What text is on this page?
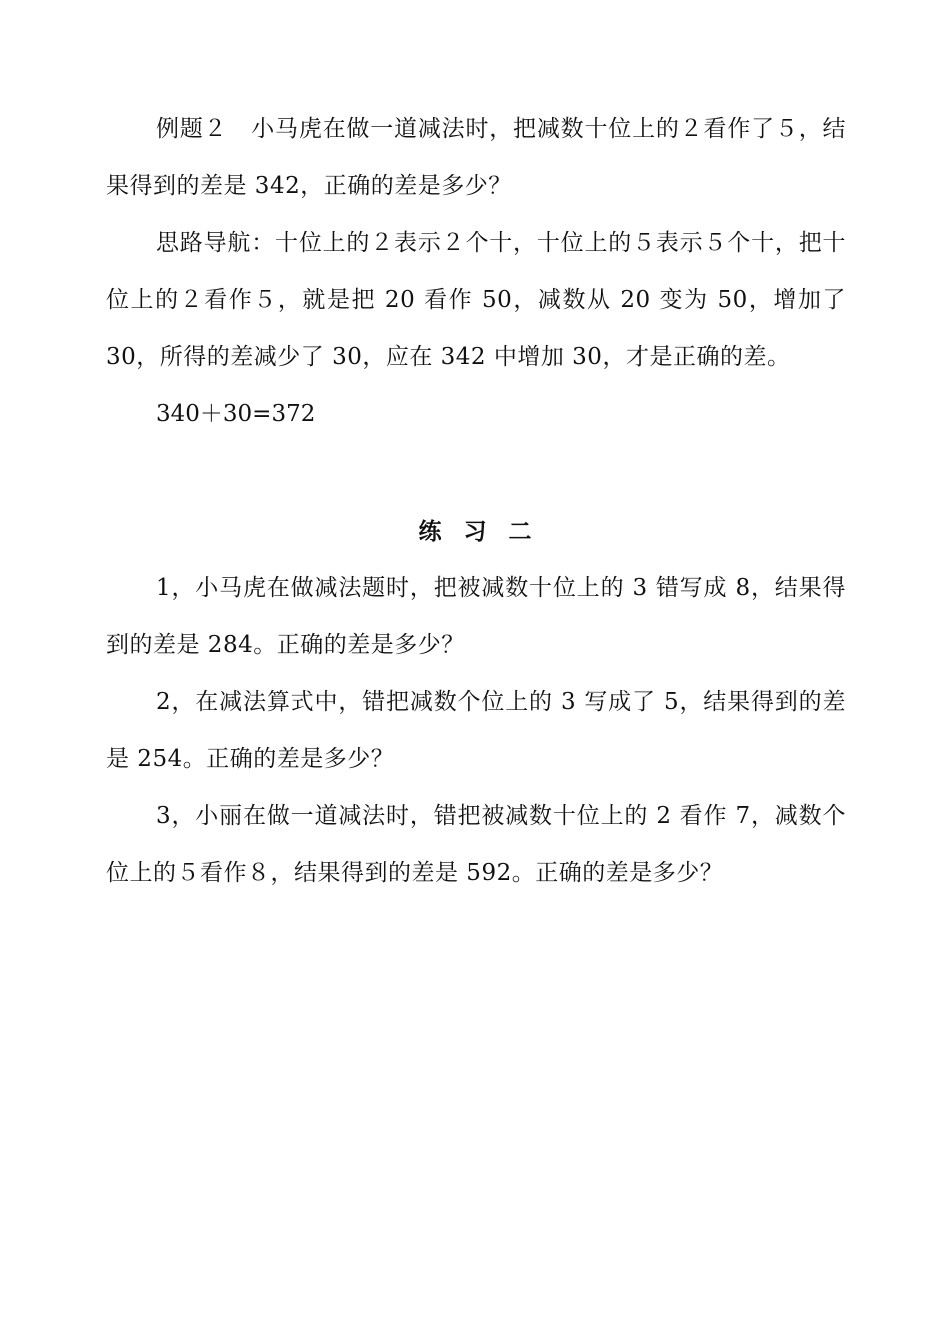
例题２　小马虎在做一道减法时，把减数十位上的２看作了５，结果得到的差是 342，正确的差是多少？

思路导航：十位上的２表示２个十，十位上的５表示５个十，把十位上的２看作５，就是把 20 看作 50，减数从 20 变为 50，增加了 30，所得的差减少了 30，应在 342 中增加 30，才是正确的差。

340＋30=372

练习二

1，小马虎在做减法题时，把被减数十位上的 3 错写成 8，结果得到的差是 284。正确的差是多少？

2，在减法算式中，错把减数个位上的 3 写成了 5，结果得到的差是 254。正确的差是多少？

3，小丽在做一道减法时，错把被减数十位上的 2 看作 7，减数个位上的５看作８，结果得到的差是 592。正确的差是多少？
